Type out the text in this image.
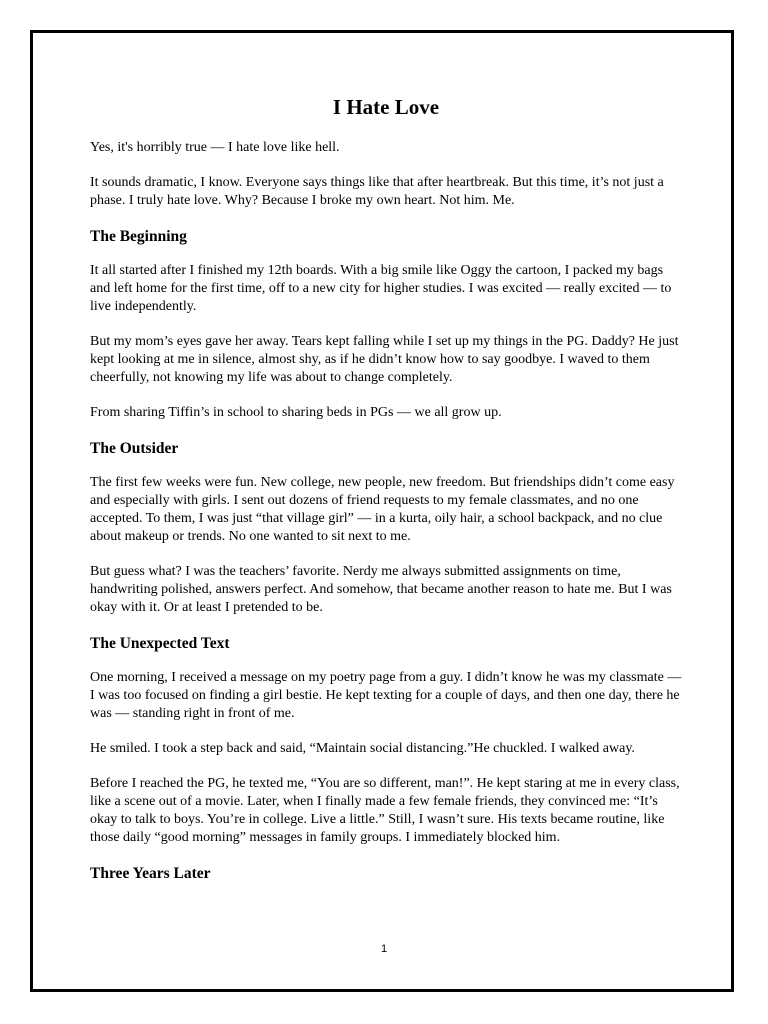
I Hate Love

Yes, it's horribly true — I hate love like hell.

It sounds dramatic, I know. Everyone says things like that after heartbreak. But this time, it’s not just a phase. I truly hate love. Why? Because I broke my own heart. Not him. Me.

The Beginning

It all started after I finished my 12th boards. With a big smile like Oggy the cartoon, I packed my bags and left home for the first time, off to a new city for higher studies. I was excited — really excited — to live independently.

But my mom’s eyes gave her away. Tears kept falling while I set up my things in the PG. Daddy? He just kept looking at me in silence, almost shy, as if he didn’t know how to say goodbye. I waved to them cheerfully, not knowing my life was about to change completely.

From sharing Tiffin’s in school to sharing beds in PGs — we all grow up.

The Outsider

The first few weeks were fun. New college, new people, new freedom. But friendships didn’t come easy and especially with girls. I sent out dozens of friend requests to my female classmates, and no one accepted. To them, I was just “that village girl” — in a kurta, oily hair, a school backpack, and no clue about makeup or trends. No one wanted to sit next to me.

But guess what? I was the teachers’ favorite. Nerdy me always submitted assignments on time, handwriting polished, answers perfect. And somehow, that became another reason to hate me. But I was okay with it. Or at least I pretended to be.

The Unexpected Text

One morning, I received a message on my poetry page from a guy. I didn’t know he was my classmate — I was too focused on finding a girl bestie. He kept texting for a couple of days, and then one day, there he was — standing right in front of me.

He smiled. I took a step back and said, “Maintain social distancing.”He chuckled. I walked away.

Before I reached the PG, he texted me, “You are so different, man!”. He kept staring at me in every class, like a scene out of a movie. Later, when I finally made a few female friends, they convinced me: “It’s okay to talk to boys. You’re in college. Live a little.” Still, I wasn’t sure. His texts became routine, like those daily “good morning” messages in family groups. I immediately blocked him.

Three Years Later
1
